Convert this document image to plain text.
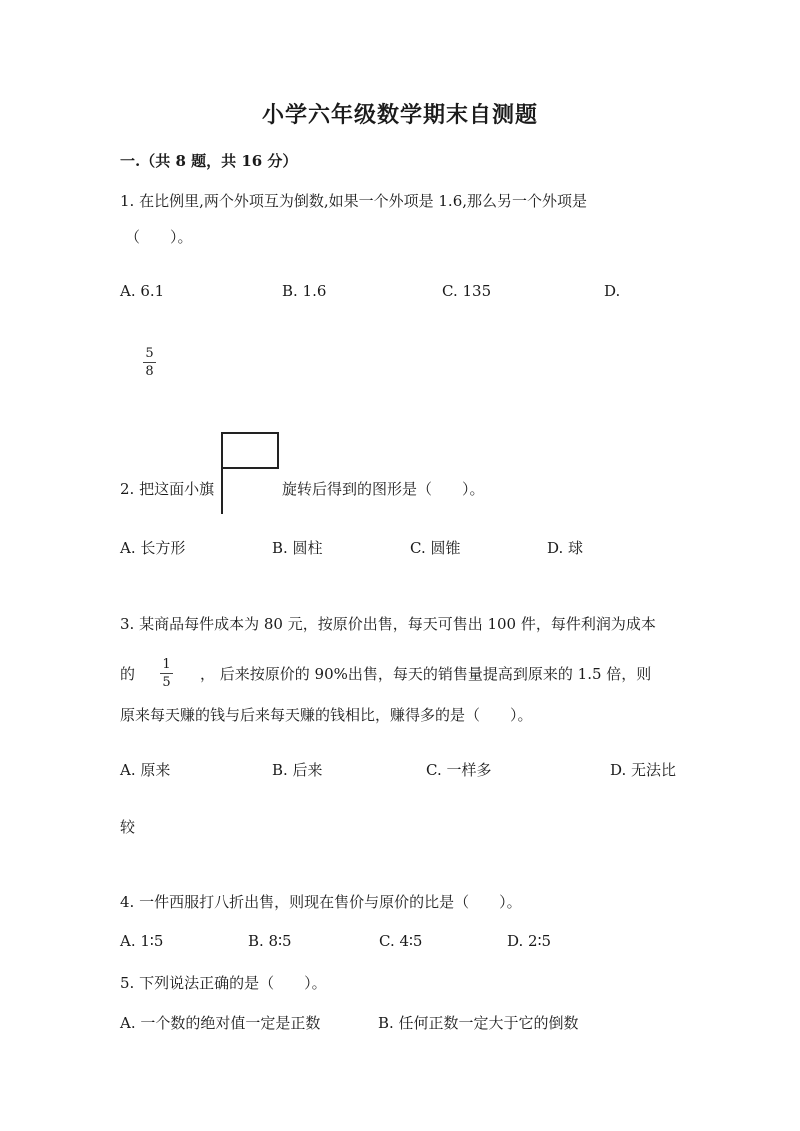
小学六年级数学期末自测题
一.（共 8 题，共 16 分）
1. 在比例里,两个外项互为倒数,如果一个外项是 1.6,那么另一个外项是
（　　）。
A. 6.1	B. 1.6	C. 135	D.
5
8
2. 把这面小旗	旋转后得到的图形是（　　）。
A. 长方形	B. 圆柱	C. 圆锥	D. 球
3. 某商品每件成本为 80 元，按原价出售，每天可售出 100 件，每件利润为成本
的
1
5 ， 后来按原价的 90%出售，每天的销售量提高到原来的 1.5 倍，则
原来每天赚的钱与后来每天赚的钱相比，赚得多的是（　　）。
A. 原来	B. 后来	C. 一样多	D. 无法比
较
4. 一件西服打八折出售，则现在售价与原价的比是（　　）。
A. 1∶5	B. 8∶5	C. 4∶5	D. 2∶5
5. 下列说法正确的是（　　）。
A. 一个数的绝对值一定是正数	B. 任何正数一定大于它的倒数
